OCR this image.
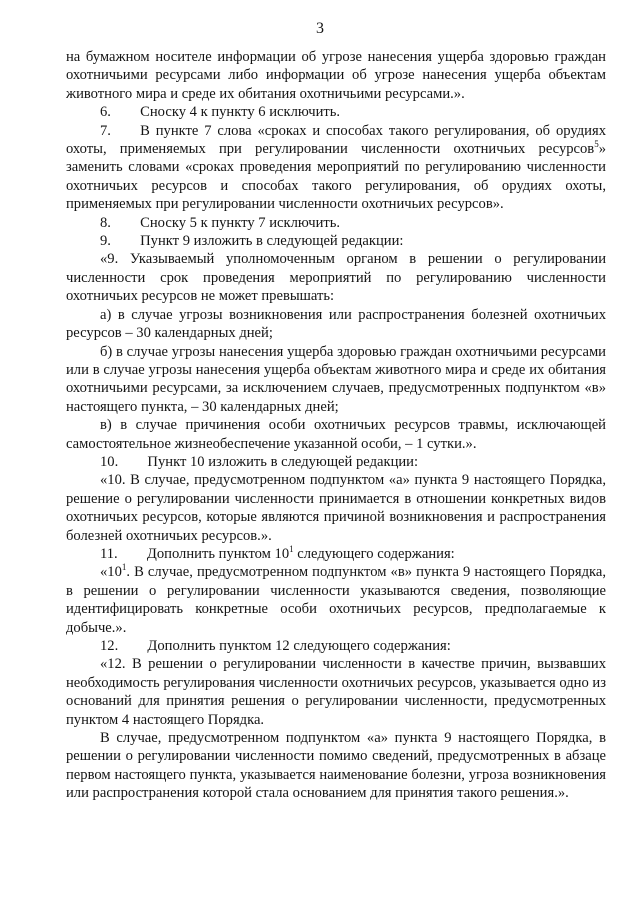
3

на бумажном носителе информации об угрозе нанесения ущерба здоровью граждан охотничьими ресурсами либо информации об угрозе нанесения ущерба объектам животного мира и среде их обитания охотничьими ресурсами.».

6.  Сноску 4 к пункту 6 исключить.

7.  В пункте 7 слова «сроках и способах такого регулирования, об орудиях охоты, применяемых при регулировании численности охотничьих ресурсов$^5$» заменить словами «сроках проведения мероприятий по регулированию численности охотничьих ресурсов и способах такого регулирования, об орудиях охоты, применяемых при регулировании численности охотничьих ресурсов».

8.  Сноску 5 к пункту 7 исключить.

9.  Пункт 9 изложить в следующей редакции:

«9. Указываемый уполномоченным органом в решении о регулировании численности срок проведения мероприятий по регулированию численности охотничьих ресурсов не может превышать:

а) в случае угрозы возникновения или распространения болезней охотничьих ресурсов – 30 календарных дней;

б) в случае угрозы нанесения ущерба здоровью граждан охотничьими ресурсами или в случае угрозы нанесения ущерба объектам животного мира и среде их обитания охотничьими ресурсами, за исключением случаев, предусмотренных подпунктом «в» настоящего пункта, – 30 календарных дней;

в) в случае причинения особи охотничьих ресурсов травмы, исключающей самостоятельное жизнеобеспечение указанной особи, – 1 сутки.».

10.  Пункт 10 изложить в следующей редакции:

«10. В случае, предусмотренном подпунктом «а» пункта 9 настоящего Порядка, решение о регулировании численности принимается в отношении конкретных видов охотничьих ресурсов, которые являются причиной возникновения и распространения болезней охотничьих ресурсов.».

11.  Дополнить пунктом $10^1$ следующего содержания:

«$10^1$. В случае, предусмотренном подпунктом «в» пункта 9 настоящего Порядка, в решении о регулировании численности указываются сведения, позволяющие идентифицировать конкретные особи охотничьих ресурсов, предполагаемые к добыче.».

12.  Дополнить пунктом 12 следующего содержания:

«12. В решении о регулировании численности в качестве причин, вызвавших необходимость регулирования численности охотничьих ресурсов, указывается одно из оснований для принятия решения о регулировании численности, предусмотренных пунктом 4 настоящего Порядка.

В случае, предусмотренном подпунктом «а» пункта 9 настоящего Порядка, в решении о регулировании численности помимо сведений, предусмотренных в абзаце первом настоящего пункта, указывается наименование болезни, угроза возникновения или распространения которой стала основанием для принятия такого решения.».
